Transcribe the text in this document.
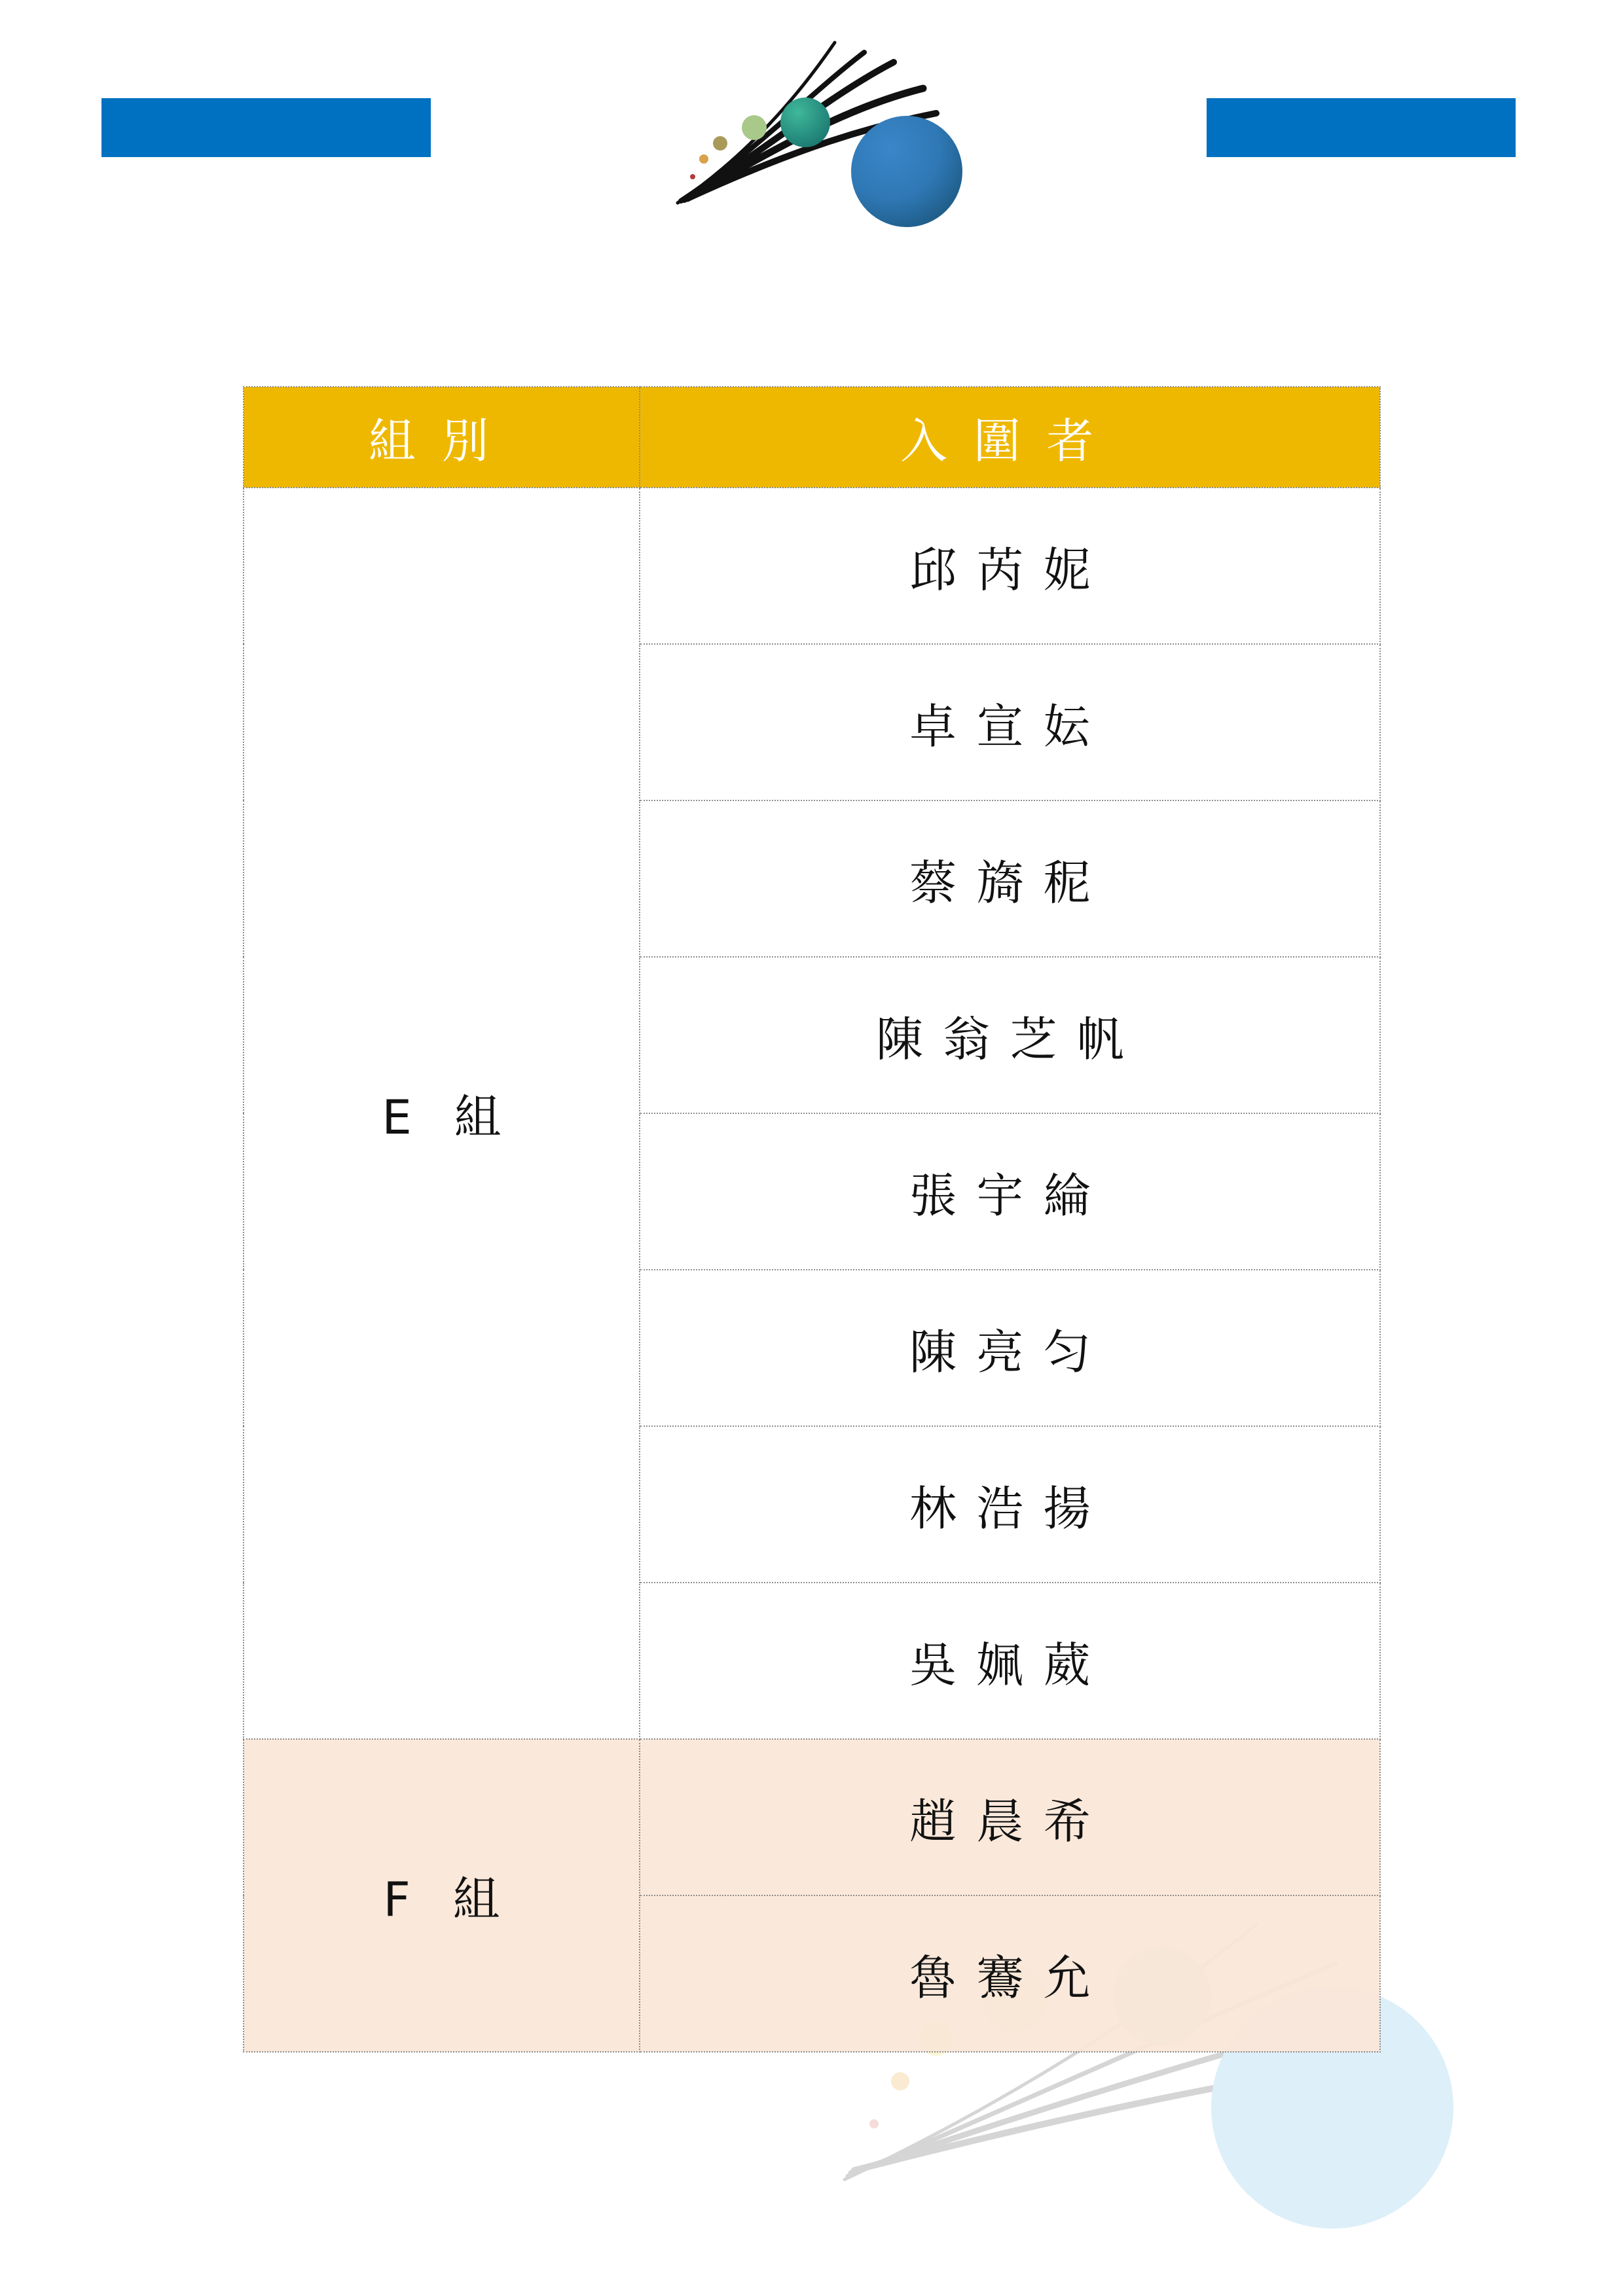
組別	入圍者
E 組	邱芮妮
	卓宣妘
	蔡旖秜
	陳翁芝帆
	張宇綸
	陳亮匀
	林浩揚
	吳姵葳
F 組	趙晨希
	魯鶱允
